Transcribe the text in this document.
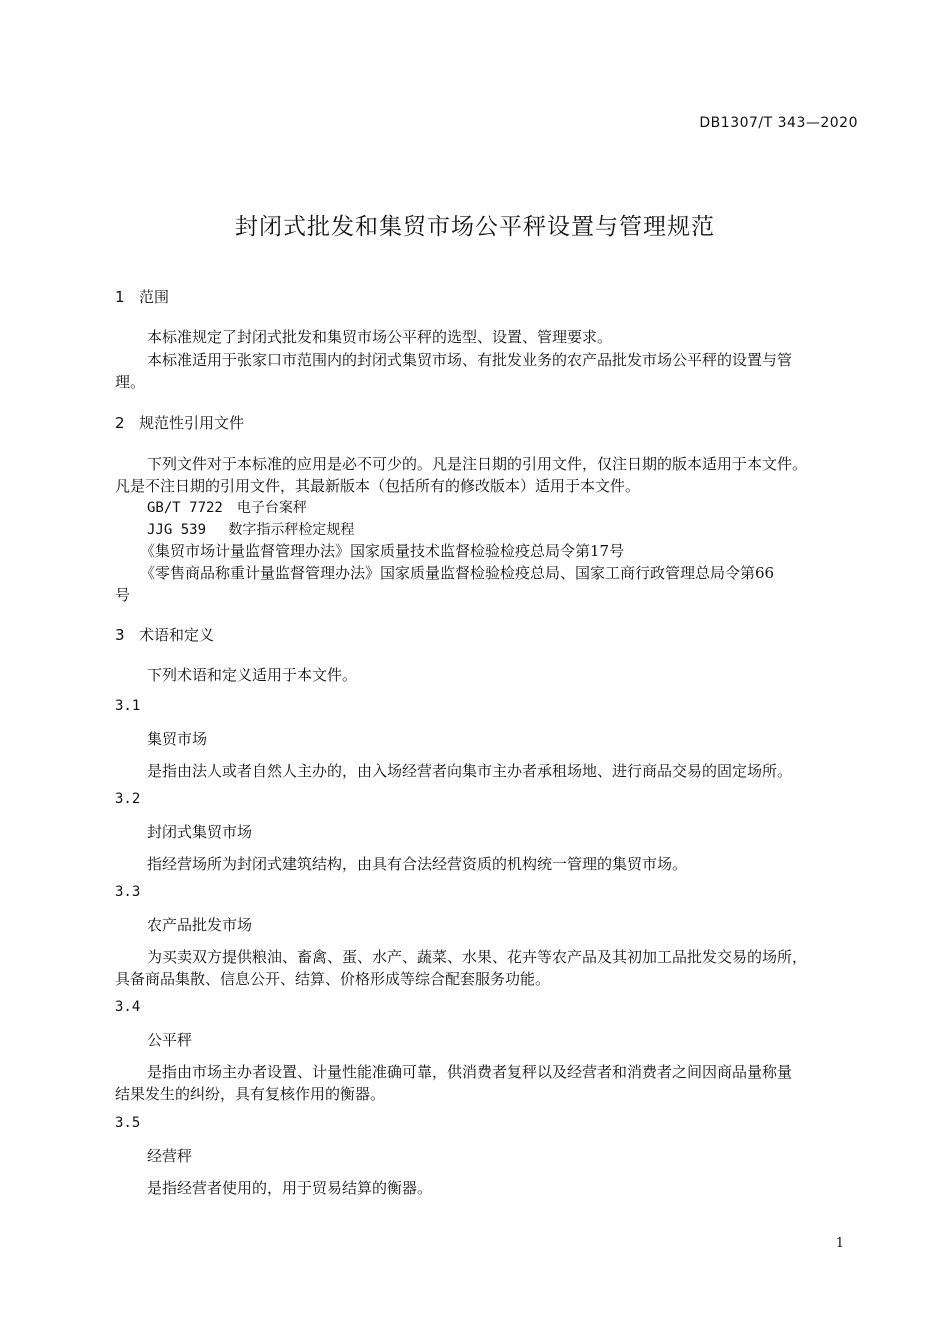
DB1307/T 343—2020
封闭式批发和集贸市场公平秤设置与管理规范
1 范围
本标准规定了封闭式批发和集贸市场公平秤的选型、设置、管理要求。
本标准适用于张家口市范围内的封闭式集贸市场、有批发业务的农产品批发市场公平秤的设置与管
理。
2 规范性引用文件
下列文件对于本标准的应用是必不可少的。凡是注日期的引用文件，仅注日期的版本适用于本文件。
凡是不注日期的引用文件，其最新版本（包括所有的修改版本）适用于本文件。
GB/T 7722　电子台案秤
JJG 539　 数字指示秤检定规程
《集贸市场计量监督管理办法》国家质量技术监督检验检疫总局令第17号
《零售商品称重计量监督管理办法》国家质量监督检验检疫总局、国家工商行政管理总局令第66
号
3 术语和定义
下列术语和定义适用于本文件。
3.1
集贸市场
是指由法人或者自然人主办的，由入场经营者向集市主办者承租场地、进行商品交易的固定场所。
3.2
封闭式集贸市场
指经营场所为封闭式建筑结构，由具有合法经营资质的机构统一管理的集贸市场。
3.3
农产品批发市场
为买卖双方提供粮油、畜禽、蛋、水产、蔬菜、水果、花卉等农产品及其初加工品批发交易的场所，
具备商品集散、信息公开、结算、价格形成等综合配套服务功能。
3.4
公平秤
是指由市场主办者设置、计量性能准确可靠，供消费者复秤以及经营者和消费者之间因商品量称量
结果发生的纠纷，具有复核作用的衡器。
3.5
经营秤
是指经营者使用的，用于贸易结算的衡器。
1
